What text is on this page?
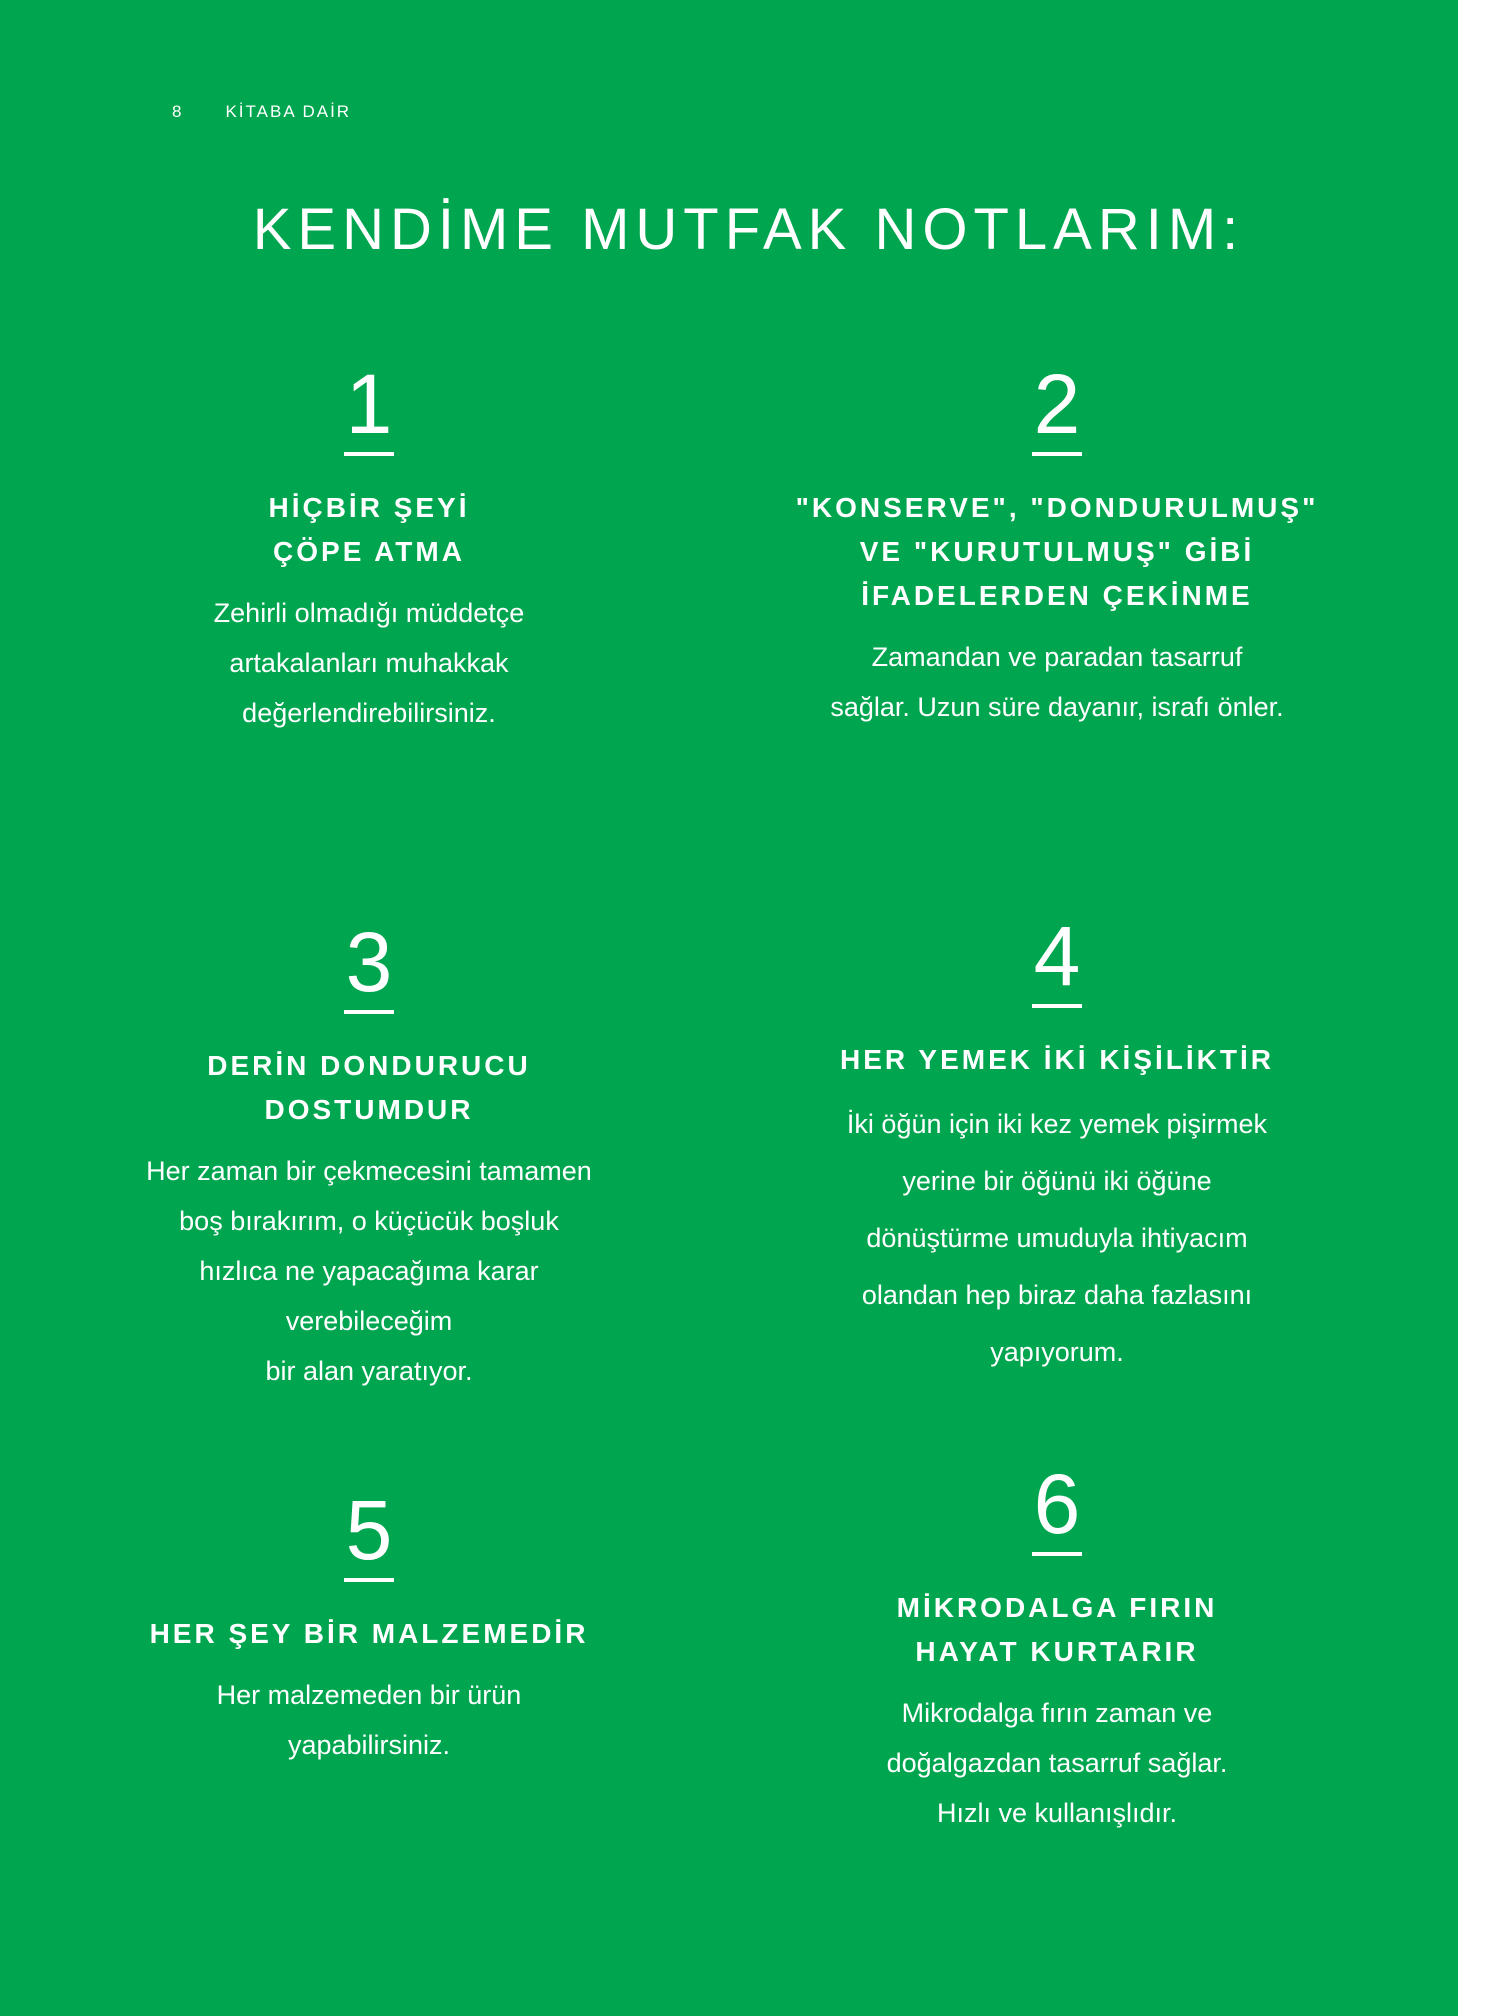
8 KİTABA DAİR
KENDİME MUTFAK NOTLARIM:
1
HİÇBİR ŞEYİ
ÇÖPE ATMA
Zehirli olmadığı müddetçe
artakalanları muhakkak
değerlendirebilirsiniz.
2
"KONSERVE", "DONDURULMUŞ"
VE "KURUTULMUŞ" GİBİ
İFADELERDEN ÇEKİNME
Zamandan ve paradan tasarruf
sağlar. Uzun süre dayanır, israfı önler.
3
DERİN DONDURUCU
DOSTUMDUR
Her zaman bir çekmecesini tamamen
boş bırakırım, o küçücük boşluk
hızlıca ne yapacağıma karar
verebileceğim
bir alan yaratıyor.
4
HER YEMEK İKİ KİŞİLİKTİR
İki öğün için iki kez yemek pişirmek
yerine bir öğünü iki öğüne
dönüştürme umuduyla ihtiyacım
olandan hep biraz daha fazlasını
yapıyorum.
5
HER ŞEY BİR MALZEMEDİR
Her malzemeden bir ürün
yapabilirsiniz.
6
MİKRODALGA FIRIN
HAYAT KURTARIR
Mikrodalga fırın zaman ve
doğalgazdan tasarruf sağlar.
Hızlı ve kullanışlıdır.
